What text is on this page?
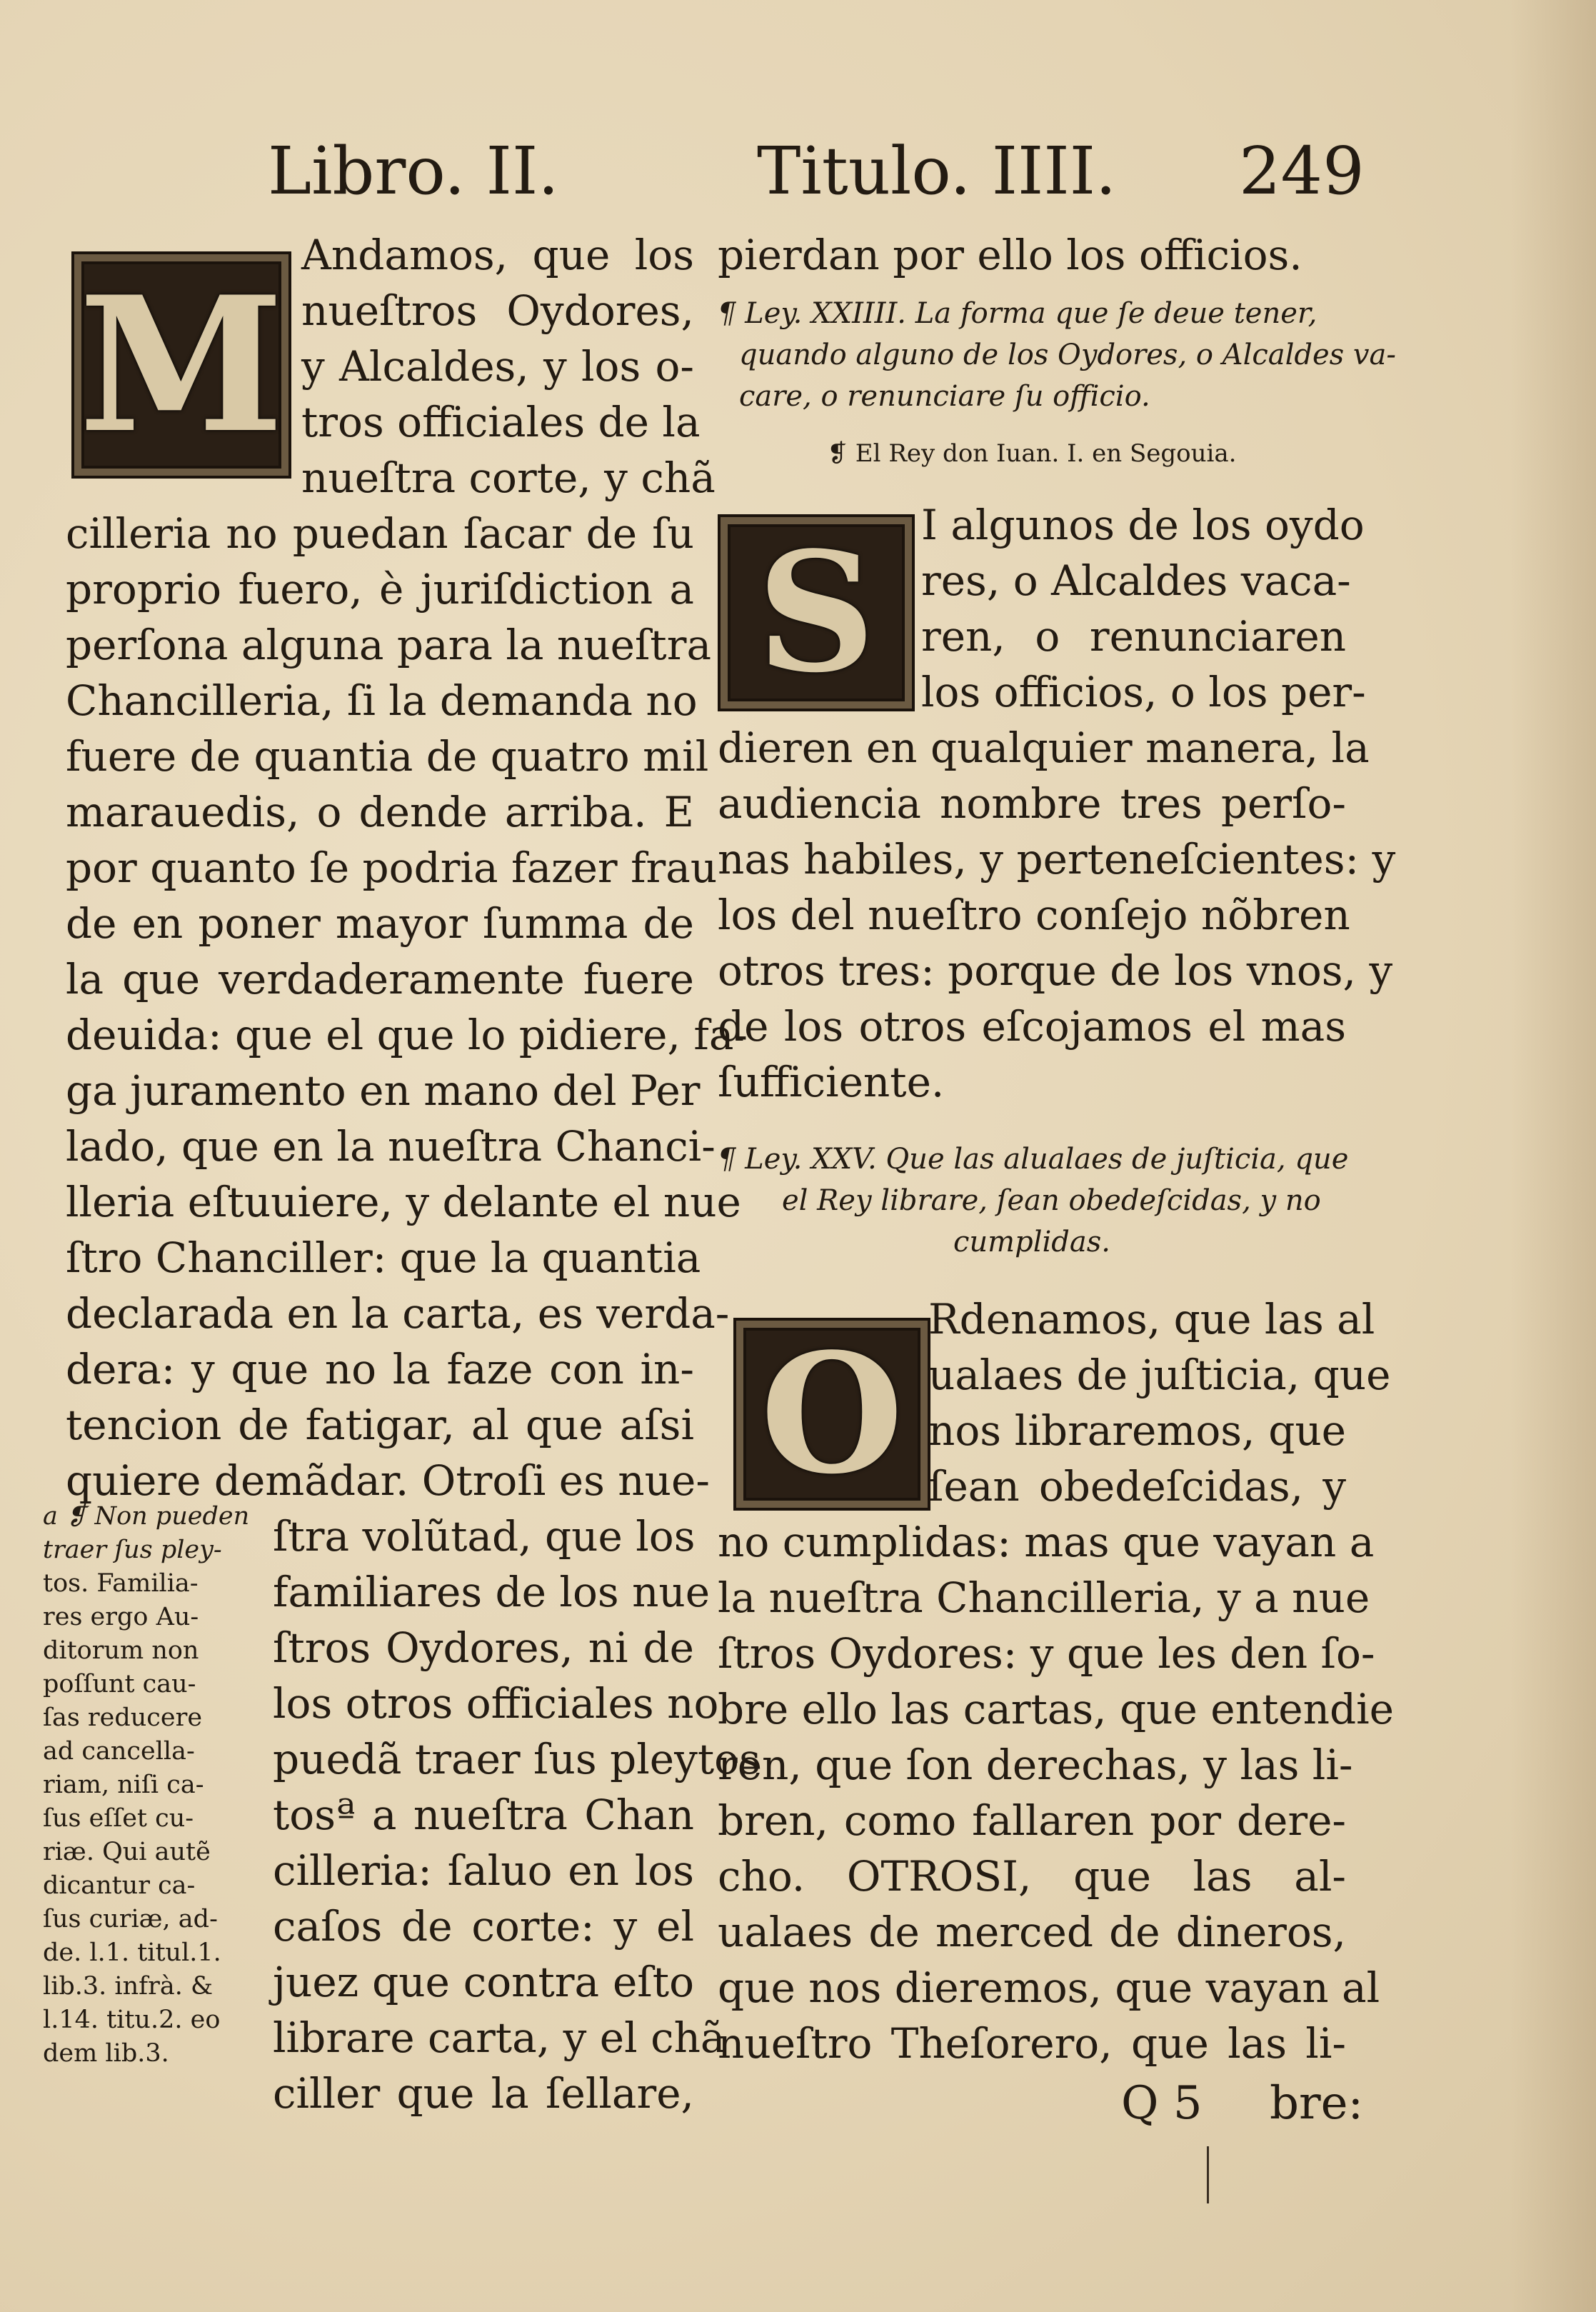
Libro. II.	Titulo. IIII. 249
M
S
O
Andamos, que los
nueſtros Oydores,
y Alcaldes, y los o-
tros officiales de la
nueſtra corte, y chã
cilleria no puedan ſacar de ſu
proprio fuero, è juriſdiction a
perſona alguna para la nueſtra
Chancilleria, ſi la demanda no
fuere de quantia de quatro mil
marauedis, o dende arriba. E
por quanto ſe podria fazer frau
de en poner mayor ſumma de
la que verdaderamente fuere
deuida: que el que lo pidiere, fa-
ga juramento en mano del Per
lado, que en la nueſtra Chanci-
lleria eſtuuiere, y delante el nue
ſtro Chanciller: que la quantia
declarada en la carta, es verda-
dera: y que no la faze con in-
tencion de fatigar, al que aſsi
quiere demãdar. Otroſi es nue-
ſtra volũtad, que los
familiares de los nue
ſtros Oydores, ni de
los otros officiales no
puedã traer ſus pleytos
tosª a nueſtra Chan
cilleria: ſaluo en los
caſos de corte: y el
juez que contra eſto
librare carta, y el chã
ciller que la ſellare,
a ❡ Non pueden
traer ſus pley-
tos. Familia-
res ergo Au-
ditorum non
poſſunt cau-
ſas reducere
ad cancella-
riam, niſi ca-
ſus eſſet cu-
riæ. Qui autẽ
dicantur ca-
ſus curiæ, ad-
de. l.1. titul.1.
lib.3. infrà. &
l.14. titu.2. eo
dem lib.3.
pierdan por ello los officios.
¶ Ley. XXIIII. La forma que ſe deue tener,
quando alguno de los Oydores, o Alcaldes va-
care, o renunciare ſu officio.
❡ El Rey don Iuan. I. en Segouia.
I algunos de los oydo
res, o Alcaldes vaca-
ren, o renunciaren
los officios, o los per-
dieren en qualquier manera, la
audiencia nombre tres perſo-
nas habiles, y perteneſcientes: y
los del nueſtro conſejo nõbren
otros tres: porque de los vnos, y
de los otros eſcojamos el mas
ſufficiente.
¶ Ley. XXV. Que las alualaes de juſticia, que
el Rey librare, ſean obedeſcidas, y no
cumplidas.
Rdenamos, que las al
ualaes de juſticia, que
nos libraremos, que
ſean obedeſcidas, y
no cumplidas: mas que vayan a
la nueſtra Chancilleria, y a nue
ſtros Oydores: y que les den ſo-
bre ello las cartas, que entendie
ren, que ſon derechas, y las li-
bren, como fallaren por dere-
cho. OTROSI, que las al-
ualaes de merced de dineros,
que nos dieremos, que vayan al
nueſtro Theſorero, que las li-
Q 5 bre:
